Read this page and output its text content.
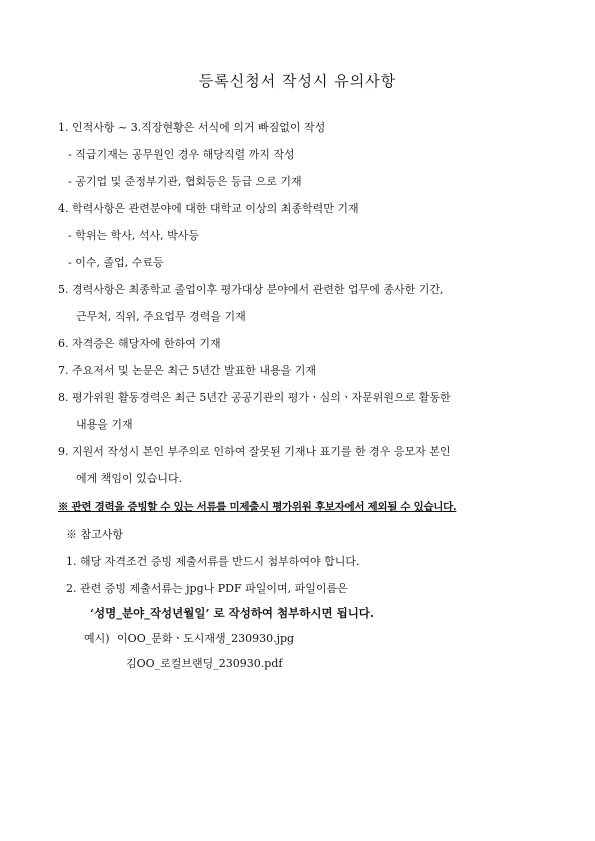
등록신청서 작성시 유의사항
1. 인적사항 ~ 3.직장현황은 서식에 의거 빠짐없이 작성
- 직급기재는 공무원인 경우 해당직렬 까지 작성
- 공기업 및 준정부기관, 협회등은 등급 으로 기재
4. 학력사항은 관련분야에 대한 대학교 이상의 최종학력만 기재
- 학위는 학사, 석사, 박사등
- 이수, 졸업, 수료등
5. 경력사항은 최종학교 졸업이후 평가대상 분야에서 관련한 업무에 종사한 기간,
근무처, 직위, 주요업무 경력을 기재
6. 자격증은 해당자에 한하여 기재
7. 주요저서 및 논문은 최근 5년간 발표한 내용을 기재
8. 평가위원 활동경력은 최근 5년간 공공기관의 평가ㆍ심의ㆍ자문위원으로 활동한
내용을 기재
9. 지원서 작성시 본인 부주의로 인하여 잘못된 기재나 표기를 한 경우 응모자 본인
에게 책임이 있습니다.
※ 관련 경력을 증빙할 수 있는 서류를 미제출시 평가위원 후보자에서 제외될 수 있습니다.
※ 참고사항
1. 해당 자격조건 증빙 제출서류를 반드시 첨부하여야 합니다.
2. 관련 증빙 제출서류는 jpg나 PDF 파일이며, 파일이름은
‘성명_분야_작성년월일’ 로 작성하여 첨부하시면 됩니다.
예시) 이OO_문화ㆍ도시재생_230930.jpg
김OO_로컬브랜딩_230930.pdf
